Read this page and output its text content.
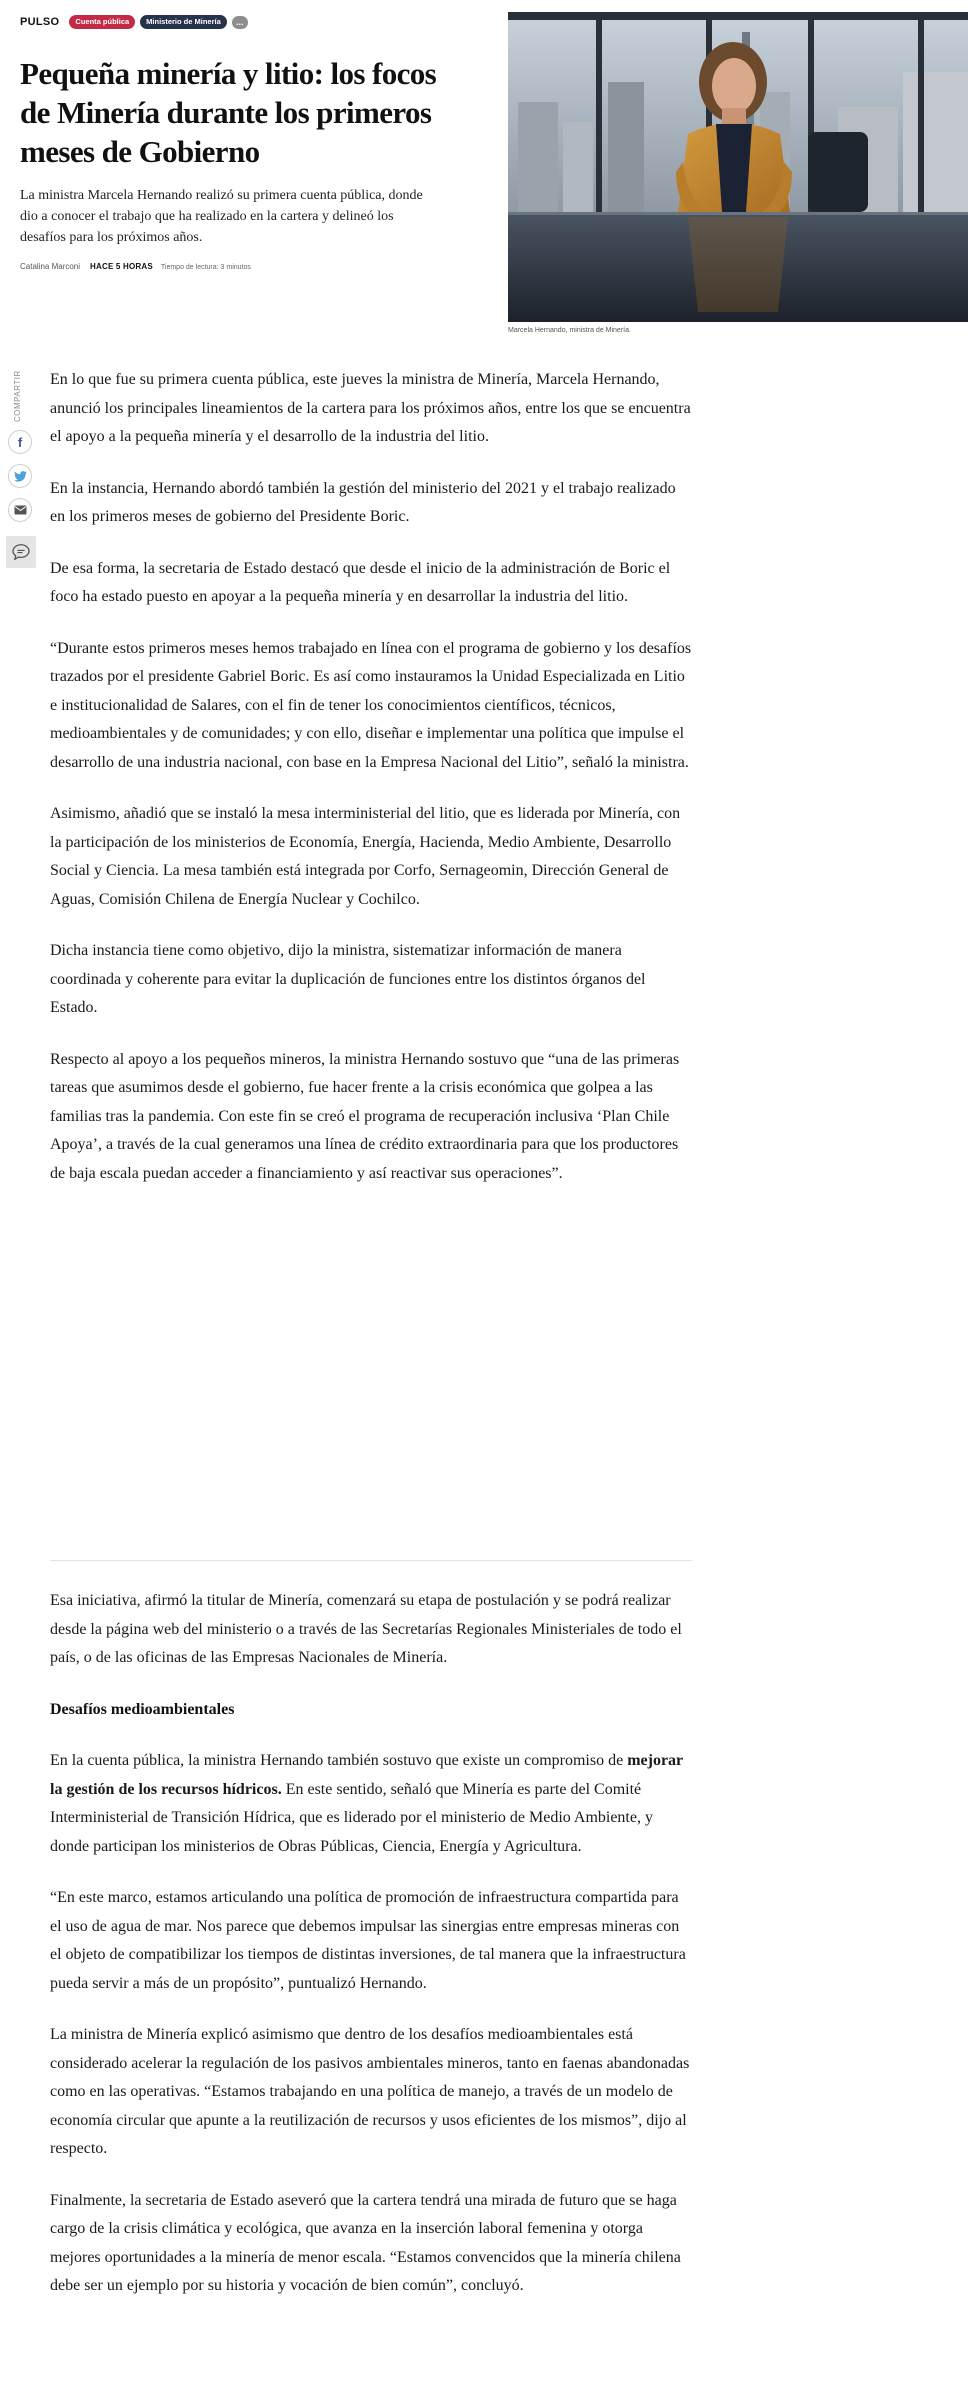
PULSO	Cuenta pública	Ministerio de Minería	...
Pequeña minería y litio: los focos de Minería durante los primeros meses de Gobierno

La ministra Marcela Hernando realizó su primera cuenta pública, donde dio a conocer el trabajo que ha realizado en la cartera y delineó los desafíos para los próximos años.

Catalina Marconi HACE 5 HORAS Tiempo de lectura: 3 minutos
Marcela Hernando, ministra de Minería.
COMPARTIR
f

En lo que fue su primera cuenta pública, este jueves la ministra de Minería, Marcela Hernando, anunció los principales lineamientos de la cartera para los próximos años, entre los que se encuentra el apoyo a la pequeña minería y el desarrollo de la industria del litio.

En la instancia, Hernando abordó también la gestión del ministerio del 2021 y el trabajo realizado en los primeros meses de gobierno del Presidente Boric.

De esa forma, la secretaria de Estado destacó que desde el inicio de la administración de Boric el foco ha estado puesto en apoyar a la pequeña minería y en desarrollar la industria del litio.

“Durante estos primeros meses hemos trabajado en línea con el programa de gobierno y los desafíos trazados por el presidente Gabriel Boric. Es así como instauramos la Unidad Especializada en Litio e institucionalidad de Salares, con el fin de tener los conocimientos científicos, técnicos, medioambientales y de comunidades; y con ello, diseñar e implementar una política que impulse el desarrollo de una industria nacional, con base en la Empresa Nacional del Litio”, señaló la ministra.

Asimismo, añadió que se instaló la mesa interministerial del litio, que es liderada por Minería, con la participación de los ministerios de Economía, Energía, Hacienda, Medio Ambiente, Desarrollo Social y Ciencia. La mesa también está integrada por Corfo, Sernageomin, Dirección General de Aguas, Comisión Chilena de Energía Nuclear y Cochilco.

Dicha instancia tiene como objetivo, dijo la ministra, sistematizar información de manera coordinada y coherente para evitar la duplicación de funciones entre los distintos órganos del Estado.

Respecto al apoyo a los pequeños mineros, la ministra Hernando sostuvo que “una de las primeras tareas que asumimos desde el gobierno, fue hacer frente a la crisis económica que golpea a las familias tras la pandemia. Con este fin se creó el programa de recuperación inclusiva ‘Plan Chile Apoya’, a través de la cual generamos una línea de crédito extraordinaria para que los productores de baja escala puedan acceder a financiamiento y así reactivar sus operaciones”.

Esa iniciativa, afirmó la titular de Minería, comenzará su etapa de postulación y se podrá realizar desde la página web del ministerio o a través de las Secretarías Regionales Ministeriales de todo el país, o de las oficinas de las Empresas Nacionales de Minería.

Desafíos medioambientales

En la cuenta pública, la ministra Hernando también sostuvo que existe un compromiso de mejorar la gestión de los recursos hídricos. En este sentido, señaló que Minería es parte del Comité Interministerial de Transición Hídrica, que es liderado por el ministerio de Medio Ambiente, y donde participan los ministerios de Obras Públicas, Ciencia, Energía y Agricultura.

“En este marco, estamos articulando una política de promoción de infraestructura compartida para el uso de agua de mar. Nos parece que debemos impulsar las sinergias entre empresas mineras con el objeto de compatibilizar los tiempos de distintas inversiones, de tal manera que la infraestructura pueda servir a más de un propósito”, puntualizó Hernando.

La ministra de Minería explicó asimismo que dentro de los desafíos medioambientales está considerado acelerar la regulación de los pasivos ambientales mineros, tanto en faenas abandonadas como en las operativas. “Estamos trabajando en una política de manejo, a través de un modelo de economía circular que apunte a la reutilización de recursos y usos eficientes de los mismos”, dijo al respecto.

Finalmente, la secretaria de Estado aseveró que la cartera tendrá una mirada de futuro que se haga cargo de la crisis climática y ecológica, que avanza en la inserción laboral femenina y otorga mejores oportunidades a la minería de menor escala. “Estamos convencidos que la minería chilena debe ser un ejemplo por su historia y vocación de bien común”, concluyó.
